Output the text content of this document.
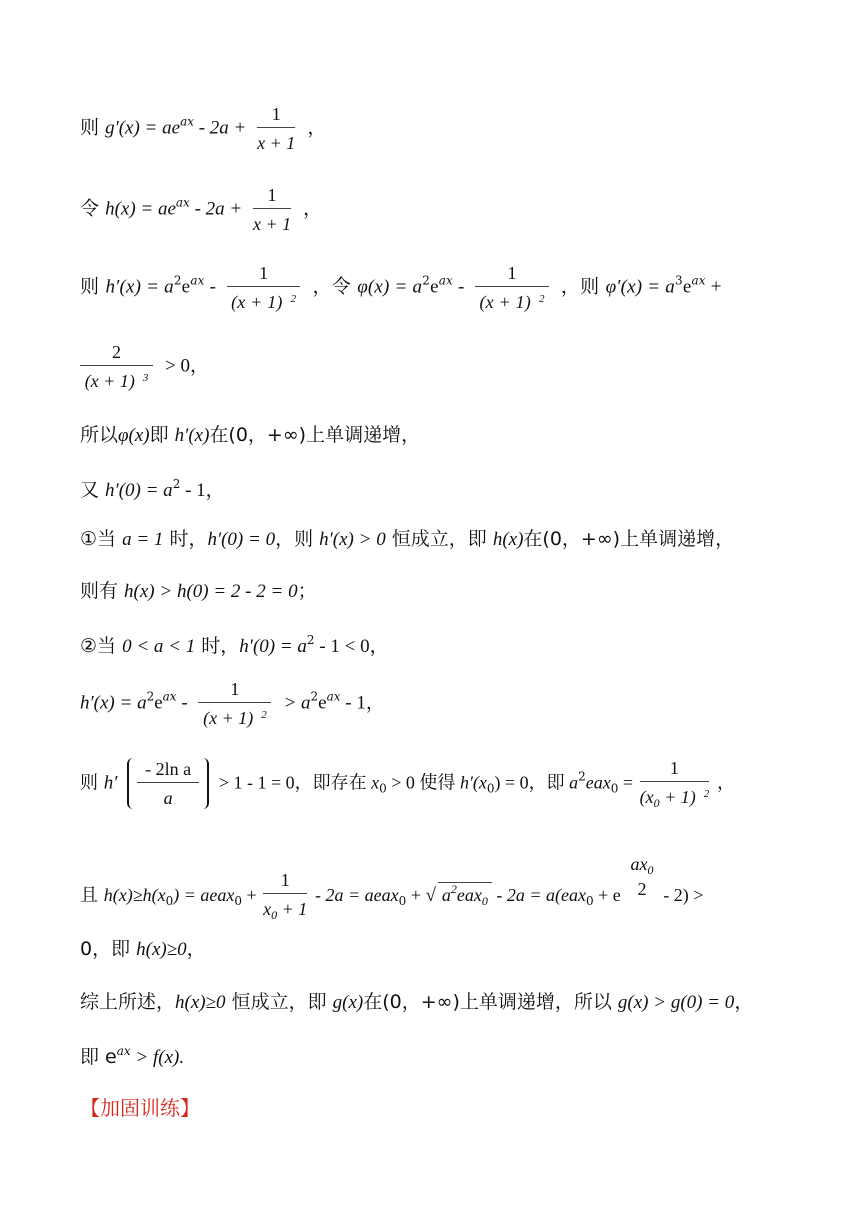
则 $g'(x) = ae^{ax} - 2a + \frac{1}{x + 1}$ ，
令 $h(x) = ae^{ax} - 2a + \frac{1}{x + 1}$ ，
则 $h'(x) = a^2e^{ax} - \frac{1}{(x + 1) ^2}$ ，令 $\varphi(x) = a^2e^{ax} - \frac{1}{(x + 1) ^2}$ ，则 $\varphi'(x) = a^3e^{ax}$ +
$\frac{2}{(x + 1) ^3} > 0$，
所以φ(x)即 h′(x)在(0，+∞)上单调递增，
又 $h'(0) = a^2 - 1$，
①当 a = 1 时，h′(0) = 0，则 h′(x) > 0 恒成立，即 h(x)在(0，+∞)上单调递增，
则有 h(x) > h(0) = 2 - 2 = 0；
②当 0 < a < 1 时，$h'(0) = a^2 - 1 < 0$，
$h'(x) = a^2e^{ax} - \frac{1}{(x + 1) ^2} > a^2e^{ax} - 1$，
则 $h' \frac{\text{- 2ln a}}{a} > 1 - 1 = 0$，即存在 $x_0 > 0$ 使得 $h'(x_0) = 0$，即 $a^2eax_0 = \frac{1}{(x_0 + 1) ^2}$ ，
且 $h(x)\ge h(x_0)$ = aeax$_0$ + $\frac{1}{x_0 + 1} - 2a$ = aeax$_0$ + √ $a^2eax_0 - 2a = a(eax_0 + e$
$ax_0$
2 - 2) >
0，即 h(x)≥0，
综上所述，h(x)≥0 恒成立，即 g(x)在(0，+∞)上单调递增，所以 g(x) > g(0) = 0，
即 $e^{ax} > f(x)$.
【加固训练】
